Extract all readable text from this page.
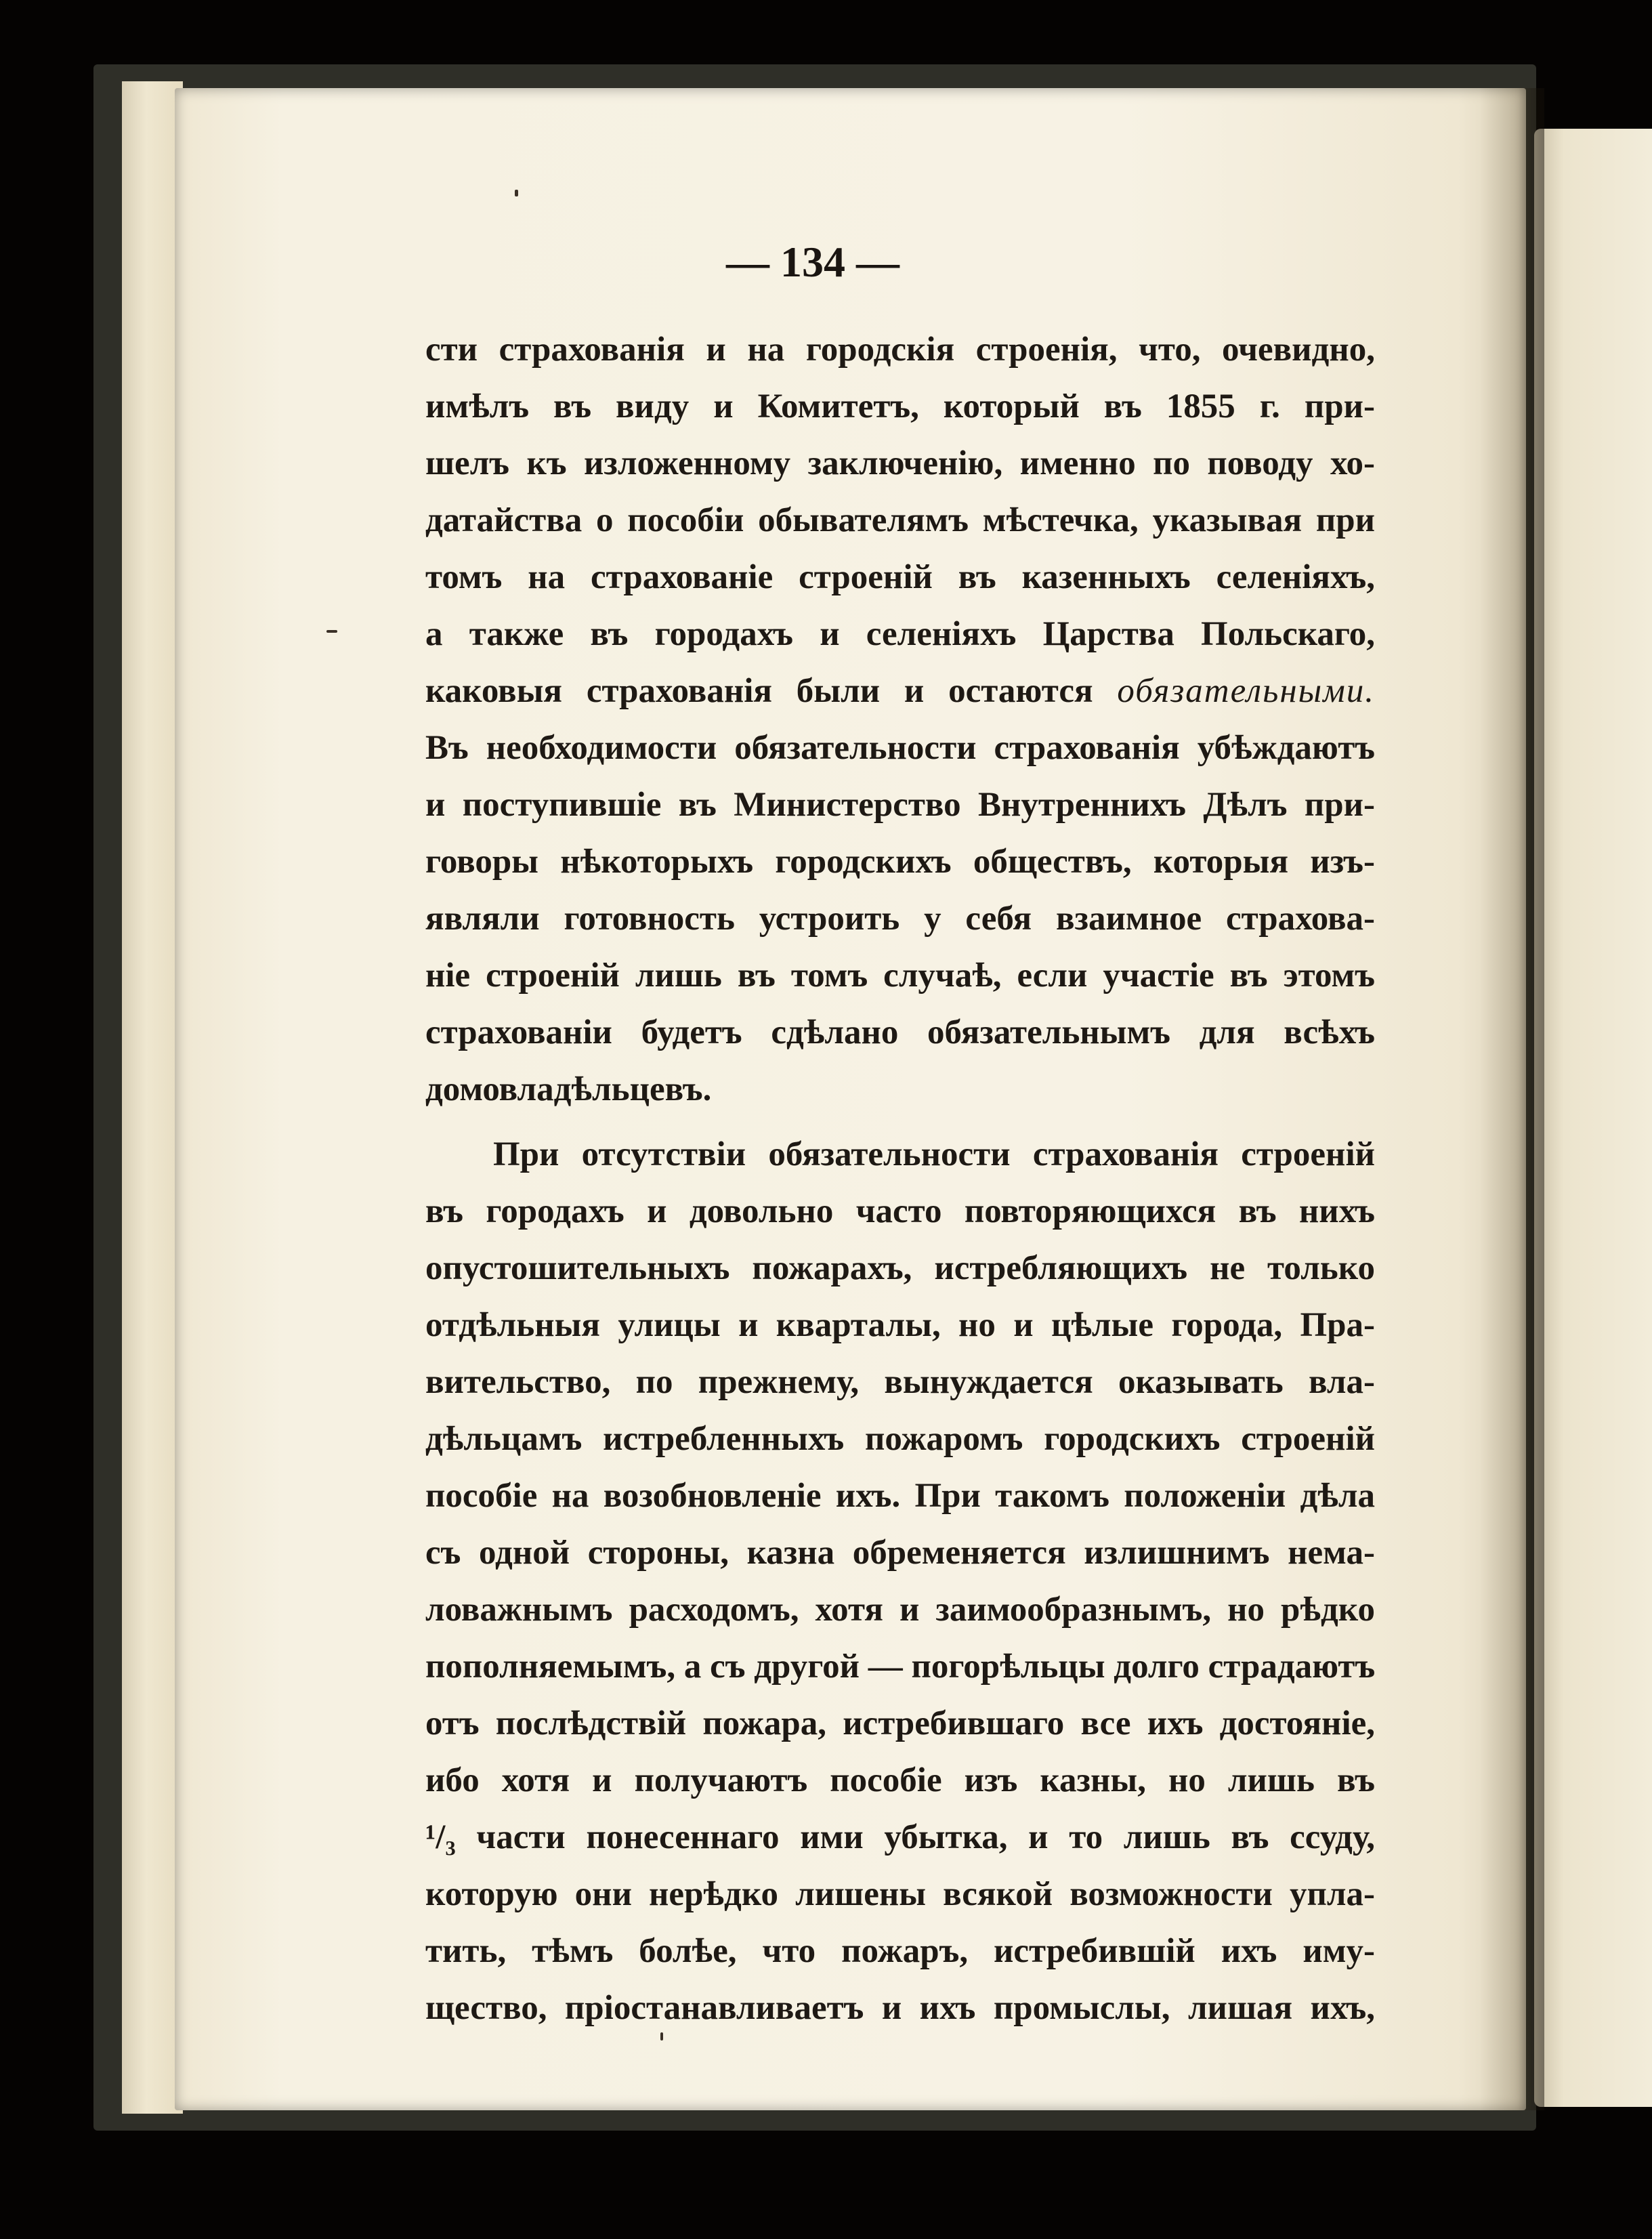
— 134 —
сти страхованія и на городскія строенія, что, очевидно,
имѣлъ въ виду и Комитетъ, который въ 1855 г. при-
шелъ къ изложенному заключенію, именно по поводу хо-
датайства о пособіи обывателямъ мѣстечка, указывая при
томъ на страхованіе строеній въ казенныхъ селеніяхъ,
а также въ городахъ и селеніяхъ Царства Польскаго,
каковыя страхованія были и остаются обязательными.
Въ необходимости обязательности страхованія убѣждаютъ
и поступившіе въ Министерство Внутреннихъ Дѣлъ при-
говоры нѣкоторыхъ городскихъ обществъ, которыя изъ-
являли готовность устроить у себя взаимное страхова-
ніе строеній лишь въ томъ случаѣ, если участіе въ этомъ
страхованіи будетъ сдѣлано обязательнымъ для всѣхъ
домовладѣльцевъ.
При отсутствіи обязательности страхованія строеній
въ городахъ и довольно часто повторяющихся въ нихъ
опустошительныхъ пожарахъ, истребляющихъ не только
отдѣльныя улицы и кварталы, но и цѣлые города, Пра-
вительство, по прежнему, вынуждается оказывать вла-
дѣльцамъ истребленныхъ пожаромъ городскихъ строеній
пособіе на возобновленіе ихъ. При такомъ положеніи дѣла
съ одной стороны, казна обременяется излишнимъ нема-
ловажнымъ расходомъ, хотя и заимообразнымъ, но рѣдко
пополняемымъ, а съ другой — погорѣльцы долго страдаютъ
отъ послѣдствій пожара, истребившаго все ихъ достояніе,
ибо хотя и получаютъ пособіе изъ казны, но лишь въ
¹/₃ части понесеннаго ими убытка, и то лишь въ ссуду,
которую они нерѣдко лишены всякой возможности упла-
тить, тѣмъ болѣе, что пожаръ, истребившій ихъ иму-
щество, пріостанавливаетъ и ихъ промыслы, лишая ихъ,
